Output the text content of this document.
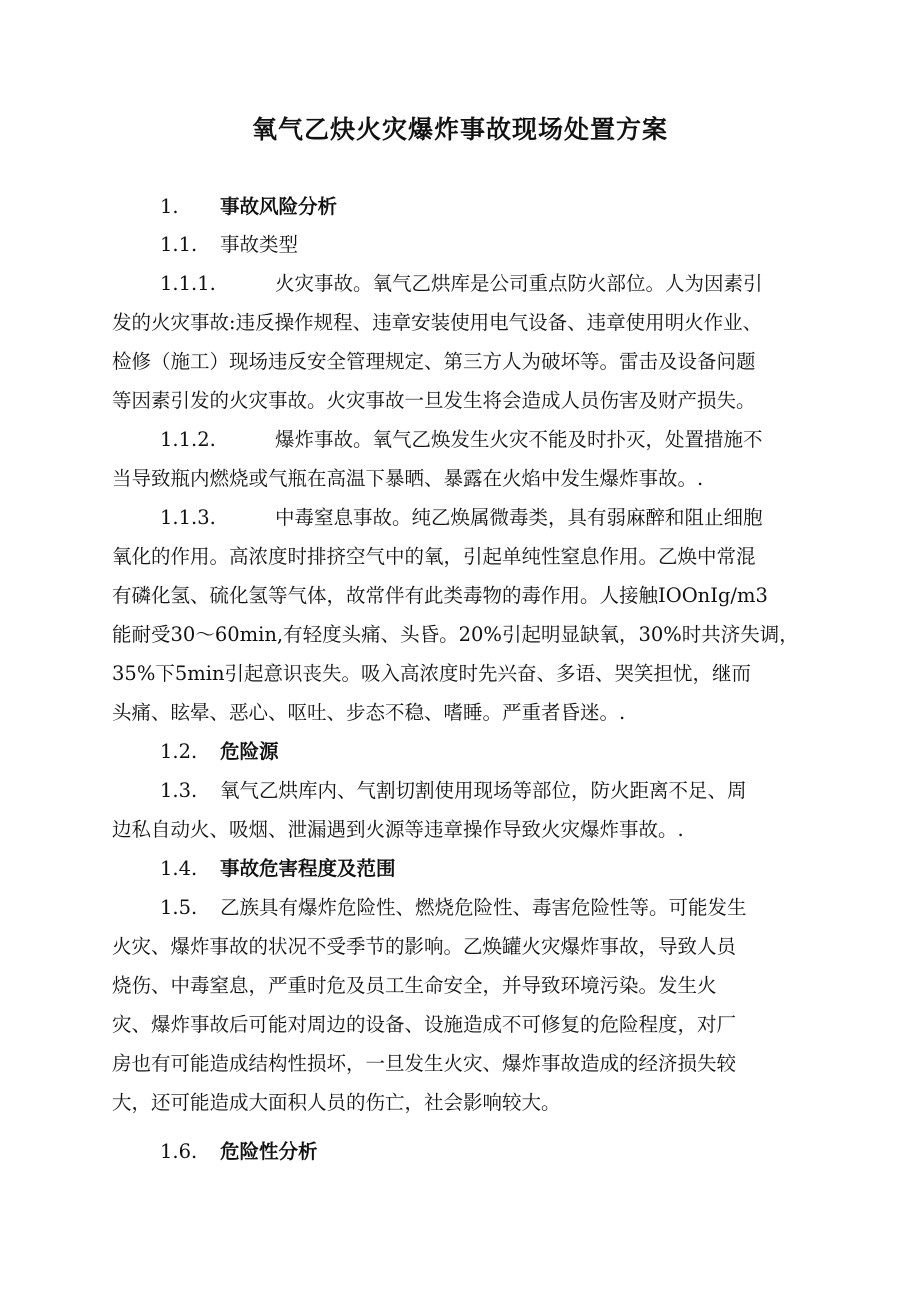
氧气乙炔火灾爆炸事故现场处置方案
1. 事故风险分析
1.1. 事故类型
1.1.1.	火灾事故。氧气乙烘库是公司重点防火部位。人为因素引
发的火灾事故:违反操作规程、违章安装使用电气设备、违章使用明火作业、
检修（施工）现场违反安全管理规定、第三方人为破坏等。雷击及设备问题
等因素引发的火灾事故。火灾事故一旦发生将会造成人员伤害及财产损失。
1.1.2.	爆炸事故。氧气乙焕发生火灾不能及时扑灭，处置措施不
当导致瓶内燃烧或气瓶在高温下暴晒、暴露在火焰中发生爆炸事故。.
1.1.3.	中毒窒息事故。纯乙焕属微毒类，具有弱麻醉和阻止细胞
氧化的作用。高浓度时排挤空气中的氧，引起单纯性窒息作用。乙焕中常混
有磷化氢、硫化氢等气体，故常伴有此类毒物的毒作用。人接触IOOnIg/m3
能耐受30～60min,有轻度头痛、头昏。20%引起明显缺氧，30%时共济失调，
35%下5min引起意识丧失。吸入高浓度时先兴奋、多语、哭笑担忧，继而
头痛、眩晕、恶心、呕吐、步态不稳、嗜睡。严重者昏迷。.
1.2. 危险源
1.3. 氧气乙烘库内、气割切割使用现场等部位，防火距离不足、周
边私自动火、吸烟、泄漏遇到火源等违章操作导致火灾爆炸事故。.
1.4. 事故危害程度及范围
1.5. 乙族具有爆炸危险性、燃烧危险性、毒害危险性等。可能发生
火灾、爆炸事故的状况不受季节的影响。乙焕罐火灾爆炸事故，导致人员
烧伤、中毒窒息，严重时危及员工生命安全，并导致环境污染。发生火
灾、爆炸事故后可能对周边的设备、设施造成不可修复的危险程度，对厂
房也有可能造成结构性损坏，一旦发生火灾、爆炸事故造成的经济损失较
大，还可能造成大面积人员的伤亡，社会影响较大。
1.6. 危险性分析
